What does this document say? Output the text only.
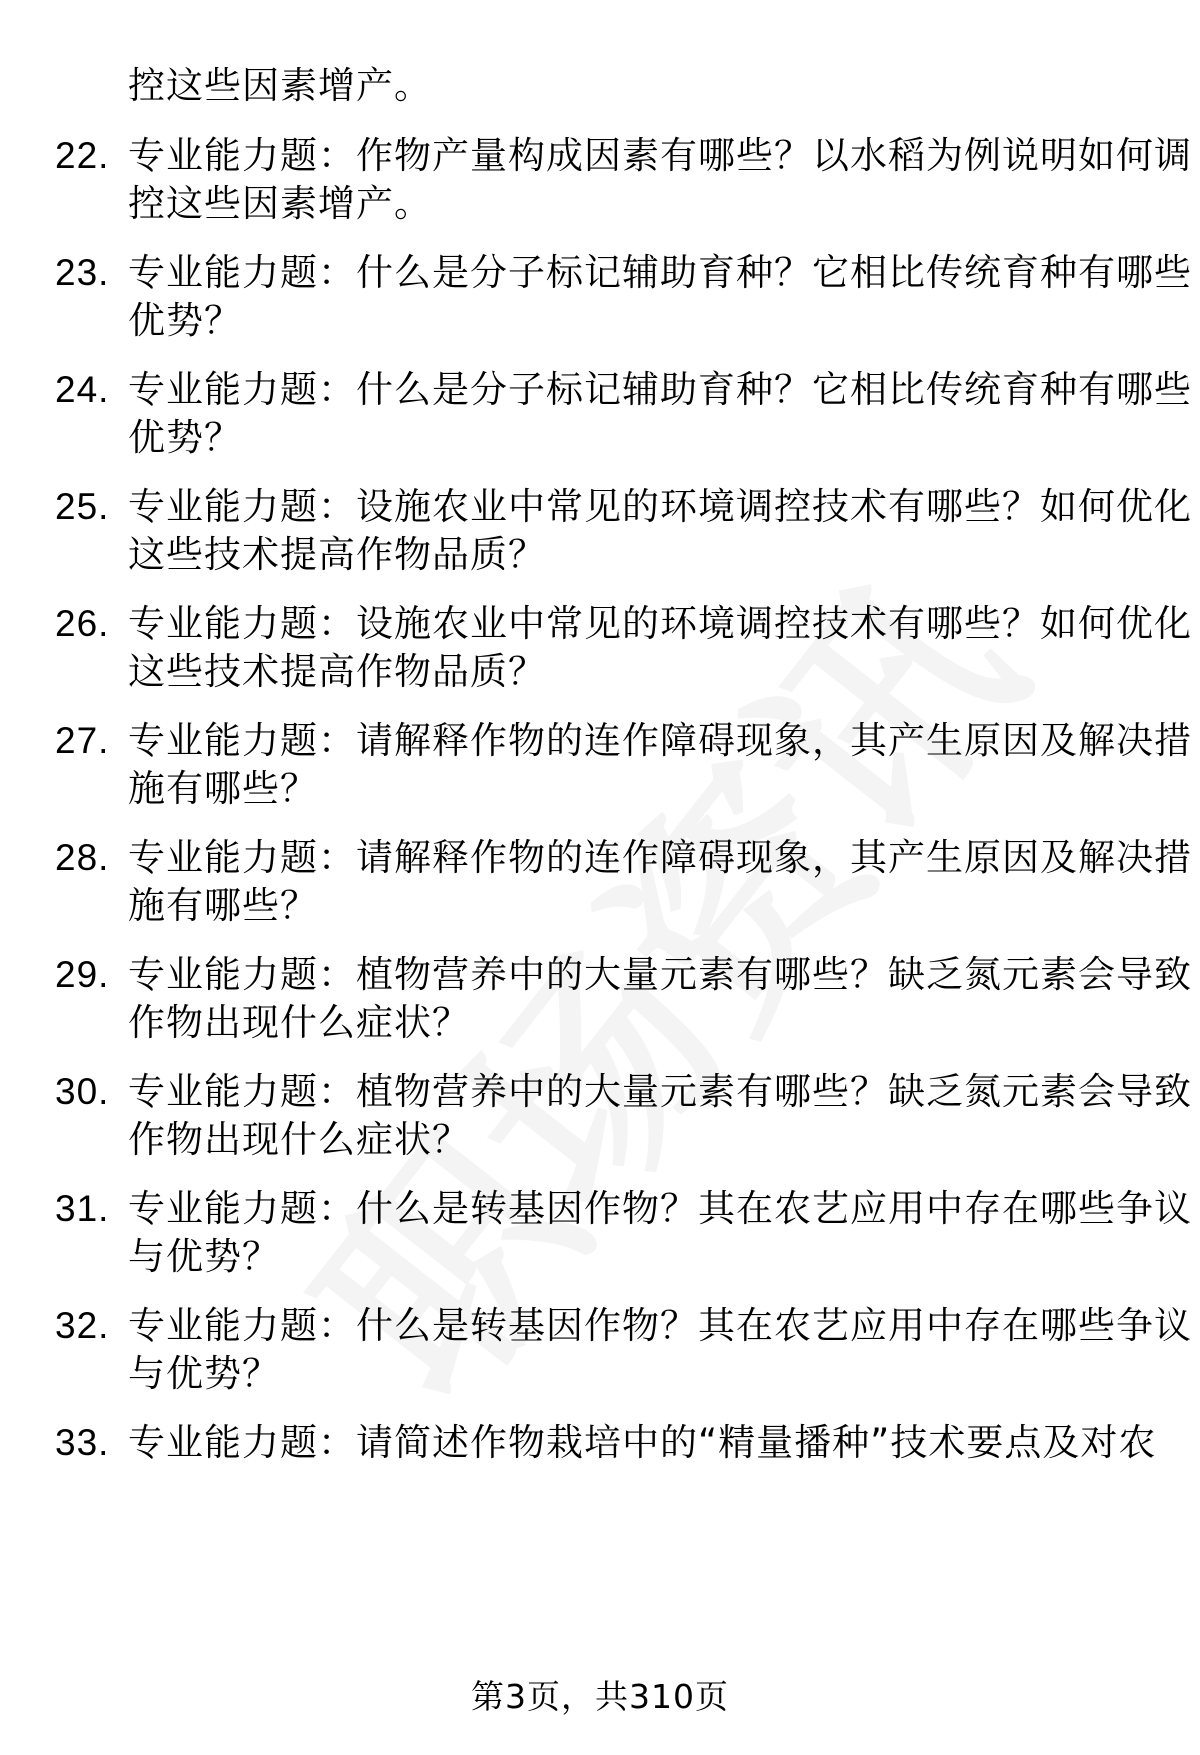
控这些因素增产。
22. 专业能力题：作物产量构成因素有哪些？以水稻为例说明如何调
控这些因素增产。
23. 专业能力题：什么是分子标记辅助育种？它相比传统育种有哪些
优势？
24. 专业能力题：什么是分子标记辅助育种？它相比传统育种有哪些
优势？
25. 专业能力题：设施农业中常见的环境调控技术有哪些？如何优化
这些技术提高作物品质？
26. 专业能力题：设施农业中常见的环境调控技术有哪些？如何优化
这些技术提高作物品质？
27. 专业能力题：请解释作物的连作障碍现象，其产生原因及解决措
施有哪些？
28. 专业能力题：请解释作物的连作障碍现象，其产生原因及解决措
施有哪些？
29. 专业能力题：植物营养中的大量元素有哪些？缺乏氮元素会导致
作物出现什么症状？
30. 专业能力题：植物营养中的大量元素有哪些？缺乏氮元素会导致
作物出现什么症状？
31. 专业能力题：什么是转基因作物？其在农艺应用中存在哪些争议
与优势？
32. 专业能力题：什么是转基因作物？其在农艺应用中存在哪些争议
与优势？
33. 专业能力题：请简述作物栽培中的“精量播种”技术要点及对农
第3页，共310页
